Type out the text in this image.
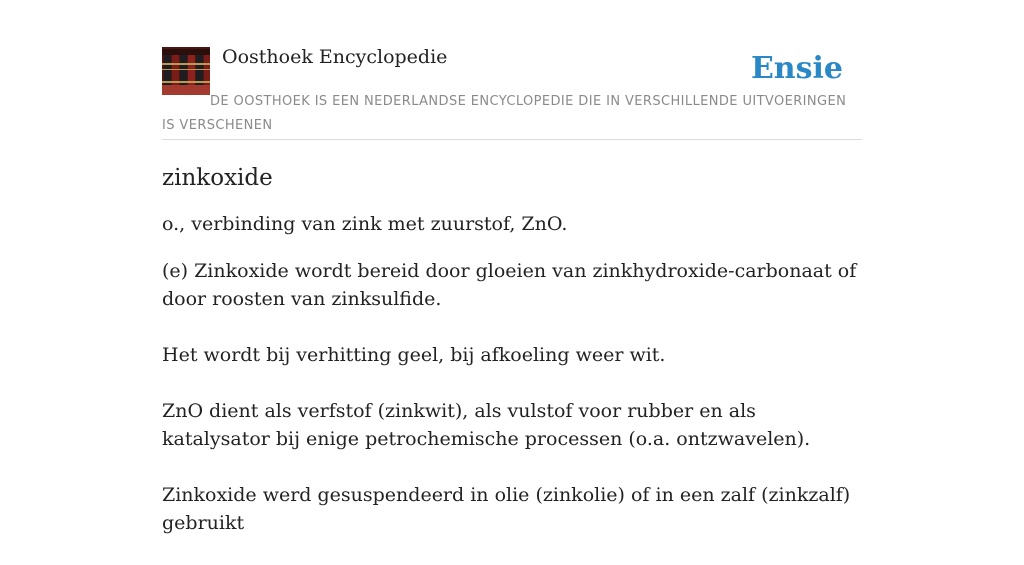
Oosthoek Encyclopedie	Ensie
DE OOSTHOEK IS EEN NEDERLANDSE ENCYCLOPEDIE DIE IN VERSCHILLENDE UITVOERINGEN IS VERSCHENEN
zinkoxide

o., verbinding van zink met zuurstof, ZnO.

(e) Zinkoxide wordt bereid door gloeien van zinkhydroxide-carbonaat of door roosten van zinksulfide.

Het wordt bij verhitting geel, bij afkoeling weer wit.

ZnO dient als verfstof (zinkwit), als vulstof voor rubber en als katalysator bij enige petrochemische processen (o.a. ontzwavelen).

Zinkoxide werd gesuspendeerd in olie (zinkolie) of in een zalf (zinkzalf) gebruikt
